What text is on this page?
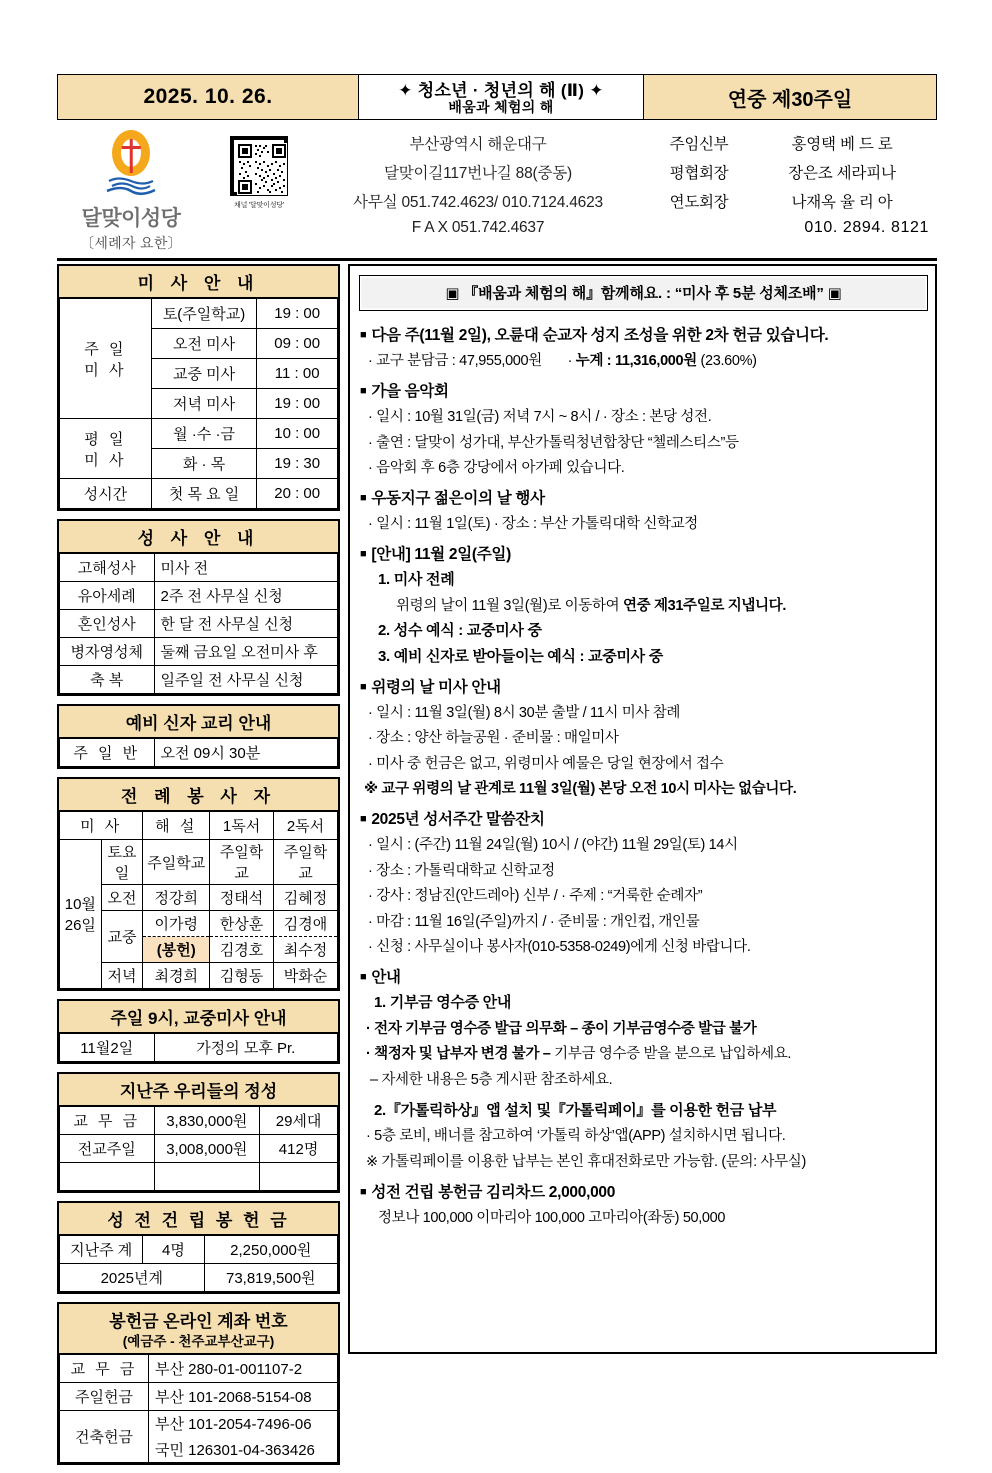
2025. 10. 26.	✦ 청소년 · 청년의 해 (Ⅱ) ✦
배움과 체험의 해	연중 제30주일
달맞이성당
〔세례자 요한〕
채널 '달맞이성당'
부산광역시 해운대구
달맞이길117번나길 88(중동)
사무실 051.742.4623/ 010.7124.4623
F A X 051.742.4637
주임신부	홍영택 베 드 로
평협회장	장은조 세라피나
연도회장	나재옥 율 리 아
010. 2894. 8121
미 사 안 내
주 일
미 사	토(주일학교)	19 : 00
	오전 미사	09 : 00
	교중 미사	11 : 00
	저녁 미사	19 : 00

평 일
미 사	월 ·수 ·금	10 : 00
	화 · 목	19 : 30
성시간	첫 목 요 일	20 : 00
성 사 안 내
고해성사	미사 전
유아세례	2주 전 사무실 신청
혼인성사	한 달 전 사무실 신청
병자영성체	둘째 금요일 오전미사 후
축 복	일주일 전 사무실 신청
예비 신자 교리 안내
주 일 반	오전 09시 30분
전 례 봉 사 자
미 사		해 설	1독서	2독서

10월
26일	토요일	주일학교	주일학교	주일학교
	오전	정강희	정태석	김혜정
	교중	이가령	한상훈	김경애
		(봉헌)	김경호	최수정
	저녁	최경희	김형동	박화순
주일 9시, 교중미사 안내
11월2일	가정의 모후 Pr.
지난주 우리들의 정성
교 무 금	3,830,000원	29세대
전교주일	3,008,000원	412명

성 전 건 립 봉 헌 금
지난주 계	4명	2,250,000원
2025년계		73,819,500원
봉헌금 온라인 계좌 번호
(예금주 - 천주교부산교구)
교 무 금	부산 280-01-001107-2
주일헌금	부산 101-2068-5154-08
건축헌금	부산 101-2054-7496-06
	국민 126301-04-363426
▣ 『배움과 체험의 해』함께해요. : “미사 후 5분 성체조배” ▣
■ 다음 주(11월 2일), 오륜대 순교자 성지 조성을 위한 2차 헌금 있습니다.
· 교구 분담금 : 47,955,000원       · 누계 : 11,316,000원 (23.60%)
■ 가을 음악회
· 일시 : 10월 31일(금) 저녁 7시 ~ 8시 / · 장소 : 본당 성전.
· 출연 : 달맞이 성가대, 부산가톨릭청년합창단 “첼레스티스”등
· 음악회 후 6층 강당에서 아가페 있습니다.
■ 우동지구 젊은이의 날 행사
· 일시 : 11월 1일(토) · 장소 : 부산 가톨릭대학 신학교정
■ [안내] 11월 2일(주일)
1. 미사 전례
위령의 날이 11월 3일(월)로 이동하여 연중 제31주일로 지냅니다.
2. 성수 예식 : 교중미사 중
3. 예비 신자로 받아들이는 예식 : 교중미사 중
■ 위령의 날 미사 안내
· 일시 : 11월 3일(월) 8시 30분 출발 / 11시 미사 참례
· 장소 : 양산 하늘공원 · 준비물 : 매일미사
· 미사 중 헌금은 없고, 위령미사 예물은 당일 현장에서 접수
※ 교구 위령의 날 관계로 11월 3일(월) 본당 오전 10시 미사는 없습니다.
■ 2025년 성서주간 말씀잔치
· 일시 : (주간) 11월 24일(월) 10시 / (야간) 11월 29일(토) 14시
· 장소 : 가톨릭대학교 신학교정
· 강사 : 정남진(안드레아) 신부 / · 주제 : “거룩한 순례자”
· 마감 : 11월 16일(주일)까지 / · 준비물 : 개인컵, 개인물
· 신청 : 사무실이나 봉사자(010-5358-0249)에게 신청 바랍니다.
■ 안내
1. 기부금 영수증 안내
· 전자 기부금 영수증 발급 의무화 – 종이 기부금영수증 발급 불가
· 책정자 및 납부자 변경 불가 – 기부금 영수증 받을 분으로 납입하세요.
– 자세한 내용은 5층 게시판 참조하세요.
2.『가톨릭하상』앱 설치 및『가톨릭페이』를 이용한 헌금 납부
· 5층 로비, 배너를 참고하여 ‘가톨릭 하상’앱(APP) 설치하시면 됩니다.
※ 가톨릭페이를 이용한 납부는 본인 휴대전화로만 가능함. (문의: 사무실)
■ 성전 건립 봉헌금 김리차드 2,000,000
정보나 100,000 이마리아 100,000 고마리아(좌동) 50,000
